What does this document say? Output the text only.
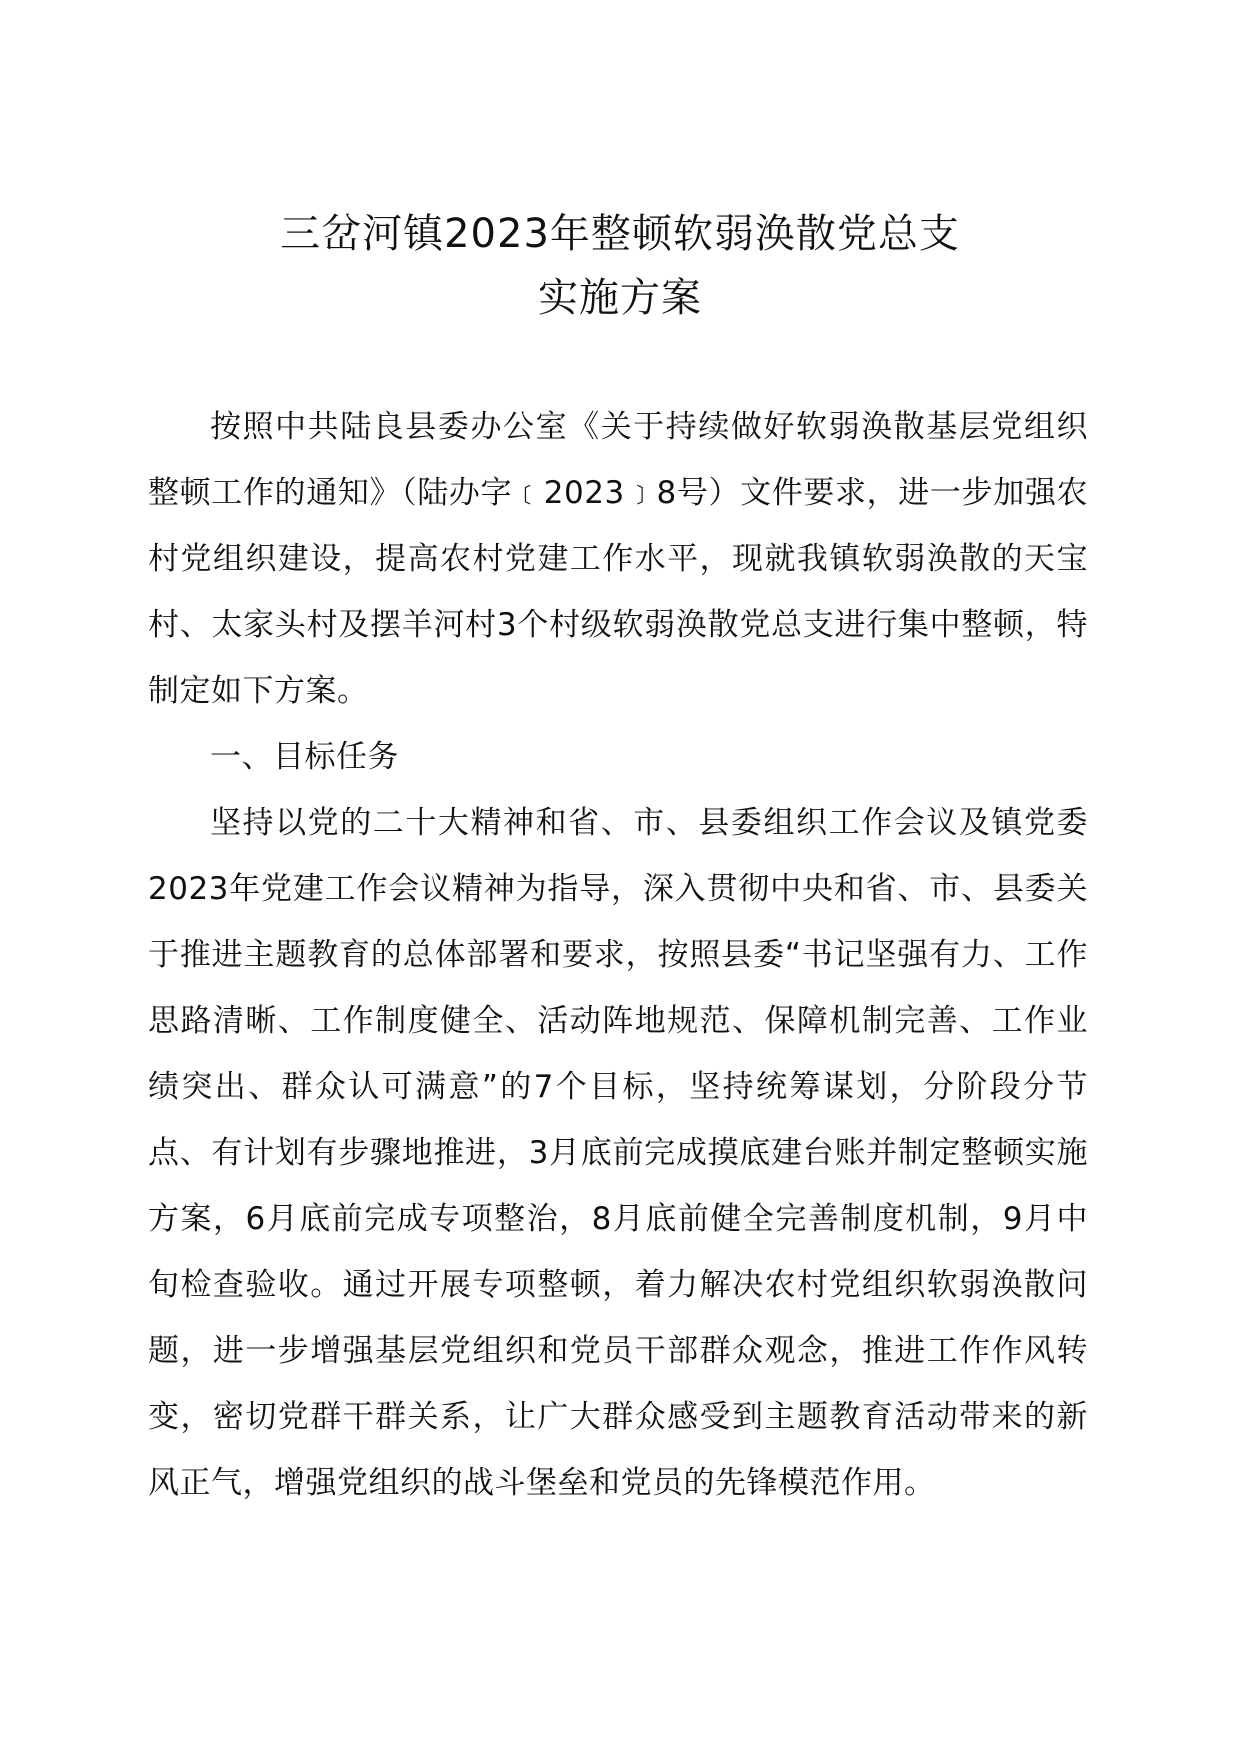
三岔河镇2023年整顿软弱涣散党总支
实施方案

按照中共陆良县委办公室《关于持续做好软弱涣散基层党组织整顿工作的通知》（陆办字﹝2023﹞8号）文件要求，进一步加强农村党组织建设，提高农村党建工作水平，现就我镇软弱涣散的天宝村、太家头村及摆羊河村3个村级软弱涣散党总支进行集中整顿，特制定如下方案。

一、目标任务

坚持以党的二十大精神和省、市、县委组织工作会议及镇党委2023年党建工作会议精神为指导，深入贯彻中央和省、市、县委关于推进主题教育的总体部署和要求，按照县委“书记坚强有力、工作思路清晰、工作制度健全、活动阵地规范、保障机制完善、工作业绩突出、群众认可满意”的7个目标，坚持统筹谋划，分阶段分节点、有计划有步骤地推进，3月底前完成摸底建台账并制定整顿实施方案，6月底前完成专项整治，8月底前健全完善制度机制，9月中旬检查验收。通过开展专项整顿，着力解决农村党组织软弱涣散问题，进一步增强基层党组织和党员干部群众观念，推进工作作风转变，密切党群干群关系，让广大群众感受到主题教育活动带来的新风正气，增强党组织的战斗堡垒和党员的先锋模范作用。
